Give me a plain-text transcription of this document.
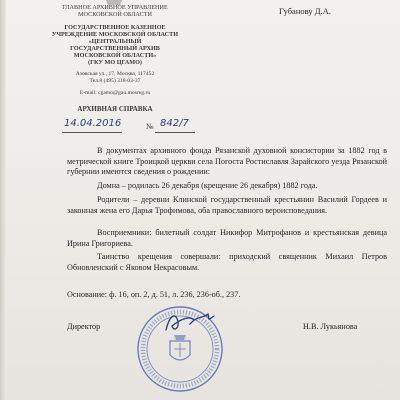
ГЛАВНОЕ АРХИВНОЕ УПРАВЛЕНИЕ
МОСКОВСКОЙ ОБЛАСТИ
ГОСУДАРСТВЕННОЕ КАЗЕННОЕ
УЧРЕЖДЕНИЕ МОСКОВСКОЙ ОБЛАСТИ
«ЦЕНТРАЛЬНЫЙ
ГОСУДАРСТВЕННЫЙ АРХИВ
МОСКОВСКОЙ ОБЛАСТИ»
(ГКУ МО ЦГАМО)
Азовская ул., 17, Москва, 117452
Тел.8 (495) 318-03-37
E-mail: cgamo@gau.mosreg.ru
АРХИВНАЯ СПРАВКА
14.04.2016	№ 842/7
Губанову Д.А.
В документах архивного фонда Рязанской духовной консистории за 1882 год в метрической книге Троицкой церкви села Погоста Ростиславля Зарайского уезда Рязанской губернии имеются сведения о рождении:
Домна – родилась 26 декабря (крещение 26 декабря) 1882 года.
Родители – деревни Клинской государственный крестьянин Василий Гордеев и законная жена его Дарья Трофимова, оба православного вероисповедания.
Восприемники: билетный солдат Никифор Митрофанов и крестьянская девица Ирина Григориева.
Таинство крещения совершали: приходский священник Михаил Петров Обновленский с Яковом Некрасовым.
Основание: ф. 16, оп. 2, д. 51, л. 236, 236-об., 237.
Директор	Н.В. Лукьянова
